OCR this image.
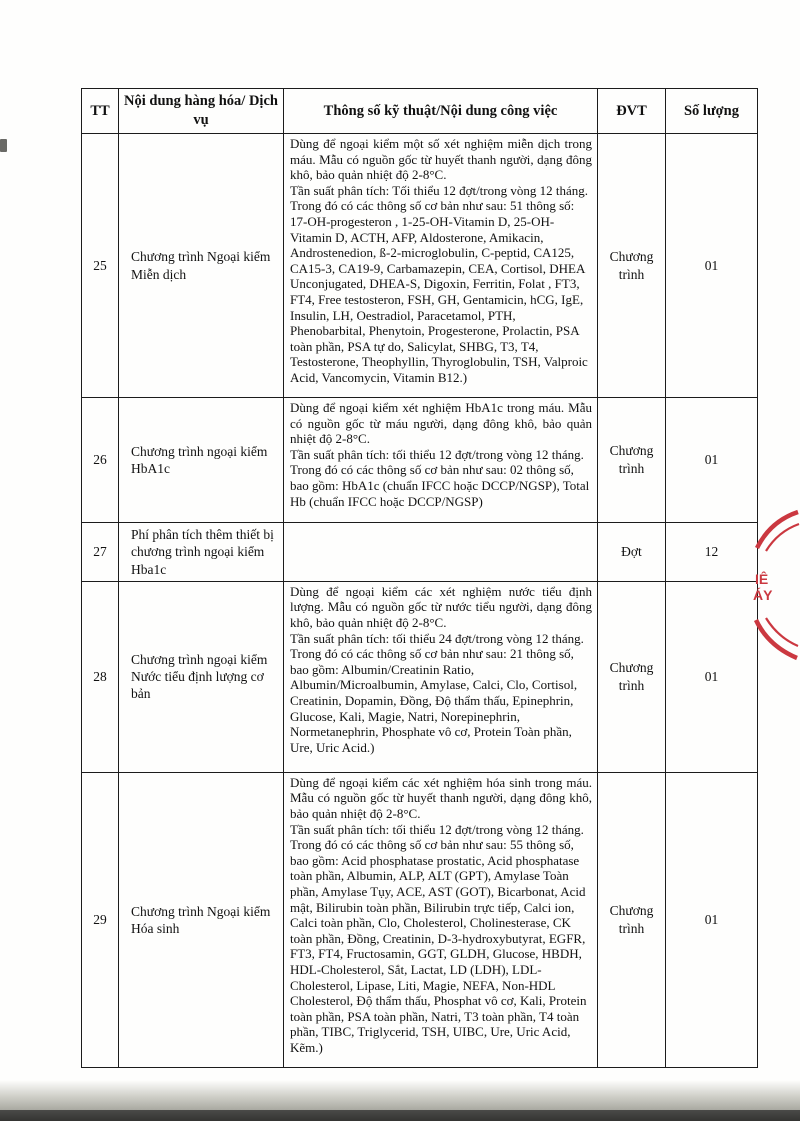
TT	Nội dung hàng hóa/ Dịch vụ	Thông số kỹ thuật/Nội dung công việc	ĐVT	Số lượng
25	Chương trình Ngoại kiểm Miễn dịch	Dùng để ngoại kiểm một số xét nghiệm miễn dịch trong máu. Mẫu có nguồn gốc từ huyết thanh người, dạng đông khô, bảo quản nhiệt độ 2-8°C.

Tần suất phân tích: Tối thiểu 12 đợt/trong vòng 12 tháng.

Trong đó có các thông số cơ bản như sau: 51 thông số: 17-OH-progesteron , 1-25-OH-Vitamin D, 25-OH-Vitamin D, ACTH, AFP, Aldosterone, Amikacin, Androstenedion, ß-2-microglobulin, C-peptid, CA125, CA15-3, CA19-9, Carbamazepin, CEA, Cortisol, DHEA Unconjugated, DHEA-S, Digoxin, Ferritin, Folat , FT3, FT4, Free testosteron, FSH, GH, Gentamicin, hCG, IgE, Insulin, LH, Oestradiol, Paracetamol, PTH, Phenobarbital, Phenytoin, Progesterone, Prolactin, PSA toàn phần, PSA tự do, Salicylat, SHBG, T3, T4, Testosterone, Theophyllin, Thyroglobulin, TSH, Valproic Acid, Vancomycin, Vitamin B12.)	Chương trình	01
26	Chương trình ngoại kiểm HbA1c	Dùng để ngoại kiểm xét nghiệm HbA1c trong máu. Mẫu có nguồn gốc từ máu người, dạng đông khô, bảo quản nhiệt độ 2-8°C.

Tần suất phân tích: tối thiểu 12 đợt/trong vòng 12 tháng.

Trong đó có các thông số cơ bản như sau: 02 thông số, bao gồm: HbA1c (chuẩn IFCC hoặc DCCP/NGSP), Total Hb (chuẩn IFCC hoặc DCCP/NGSP)	Chương trình	01
27	Phí phân tích thêm thiết bị chương trình ngoại kiểm Hba1c		Đợt	12
28	Chương trình ngoại kiểm Nước tiểu định lượng cơ bản	Dùng để ngoại kiểm các xét nghiệm nước tiểu định lượng. Mẫu có nguồn gốc từ nước tiểu người, dạng đông khô, bảo quản nhiệt độ 2-8°C.

Tần suất phân tích: tối thiểu 24 đợt/trong vòng 12 tháng.

Trong đó có các thông số cơ bản như sau: 21 thông số, bao gồm: Albumin/Creatinin Ratio, Albumin/Microalbumin, Amylase, Calci, Clo, Cortisol, Creatinin, Dopamin, Đồng, Độ thẩm thấu, Epinephrin, Glucose, Kali, Magie, Natri, Norepinephrin, Normetanephrin, Phosphate vô cơ, Protein Toàn phần, Ure, Uric Acid.)	Chương trình	01
29	Chương trình Ngoại kiểm Hóa sinh	Dùng để ngoại kiểm các xét nghiệm hóa sinh trong máu. Mẫu có nguồn gốc từ huyết thanh người, dạng đông khô, bảo quản nhiệt độ 2-8°C.

Tần suất phân tích: tối thiểu 12 đợt/trong vòng 12 tháng.

Trong đó có các thông số cơ bản như sau: 55 thông số, bao gồm: Acid phosphatase prostatic, Acid phosphatase toàn phần, Albumin, ALP, ALT (GPT), Amylase Toàn phần, Amylase Tụy, ACE, AST (GOT), Bicarbonat, Acid mật, Bilirubin toàn phần, Bilirubin trực tiếp, Calci ion, Calci toàn phần, Clo, Cholesterol, Cholinesterase, CK toàn phần, Đồng, Creatinin, D-3-hydroxybutyrat, EGFR, FT3, FT4, Fructosamin, GGT, GLDH, Glucose, HBDH, HDL-Cholesterol, Sắt, Lactat, LD (LDH), LDL-Cholesterol, Lipase, Liti, Magie, NEFA, Non-HDL Cholesterol, Độ thẩm thấu, Phosphat vô cơ, Kali, Protein toàn phần, PSA toàn phần, Natri, T3 toàn phần, T4 toàn phần, TIBC, Triglycerid, TSH, UIBC, Ure, Uric Acid, Kẽm.)	Chương trình	01
IÊ
ÁY
